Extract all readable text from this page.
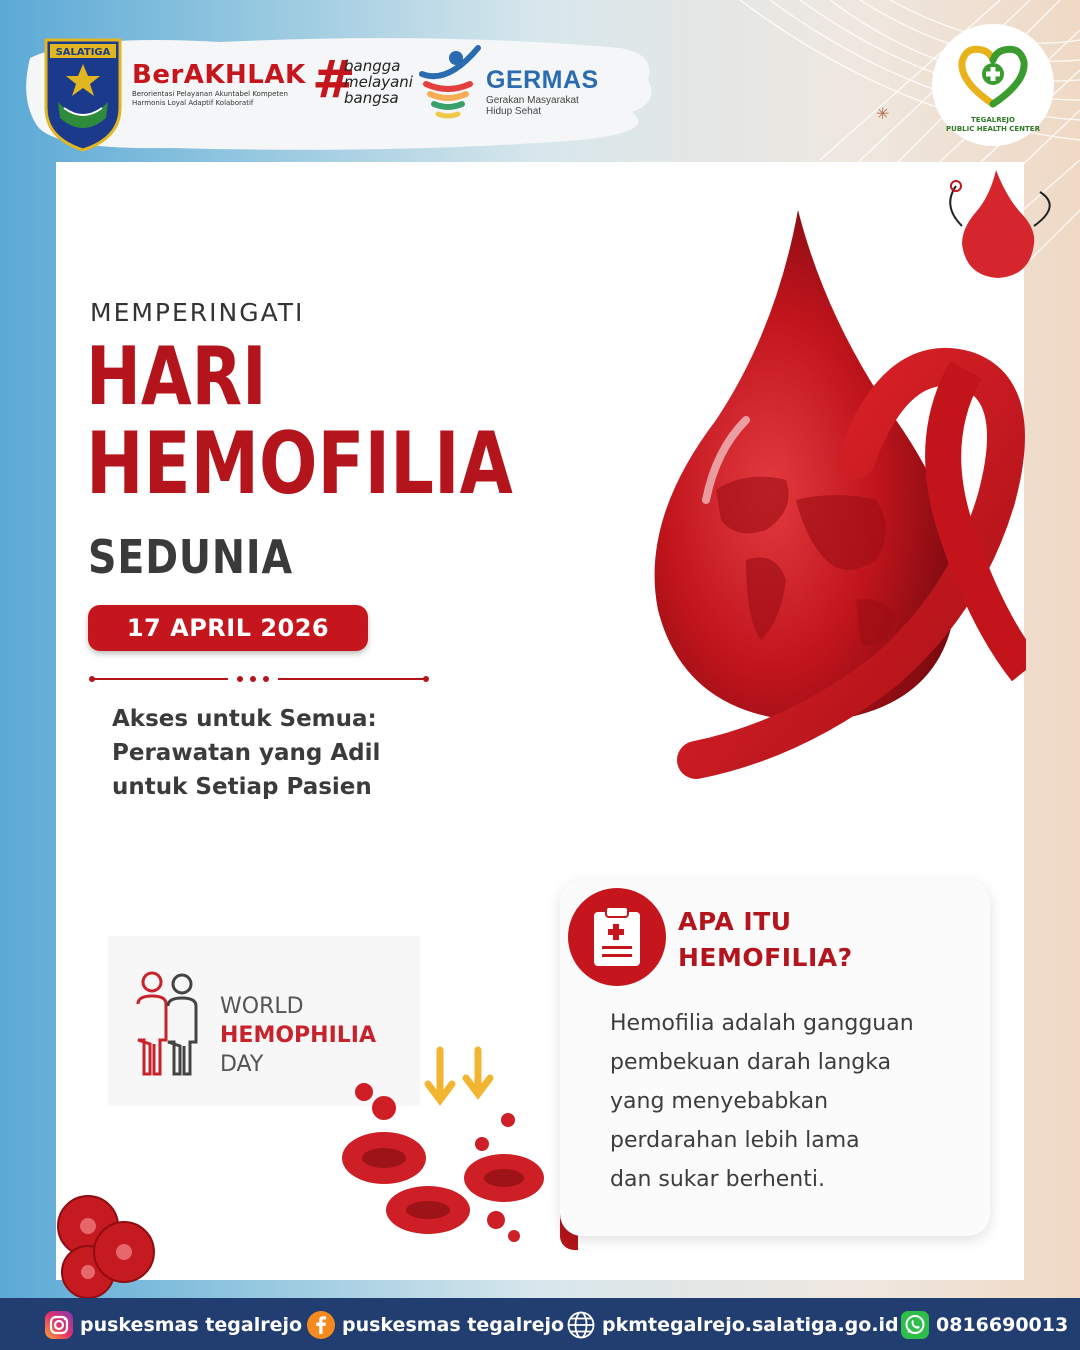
SALATIGA
BerAKHLAK
Berorientasi Pelayanan Akuntabel Kompeten
Harmonis Loyal Adaptif Kolaboratif	#
bangga
melayani
bangsa
GERMAS
Gerakan Masyarakat
Hidup Sehat	✳	TEGALREJO
PUBLIC HEALTH CENTER
MEMPERINGATI
HARI
HEMOFILIA
SEDUNIA
17 APRIL 2026
Akses untuk Semua:
Perawatan yang Adil
untuk Setiap Pasien
WORLD
HEMOPHILIA
DAY
APA ITU
HEMOFILIA?
Hemofilia adalah gangguan
pembekuan darah langka
yang menyebabkan
perdarahan lebih lama
dan sukar berhenti.
puskesmas tegalrejo puskesmas tegalrejo pkmtegalrejo.salatiga.go.id 0816690013
